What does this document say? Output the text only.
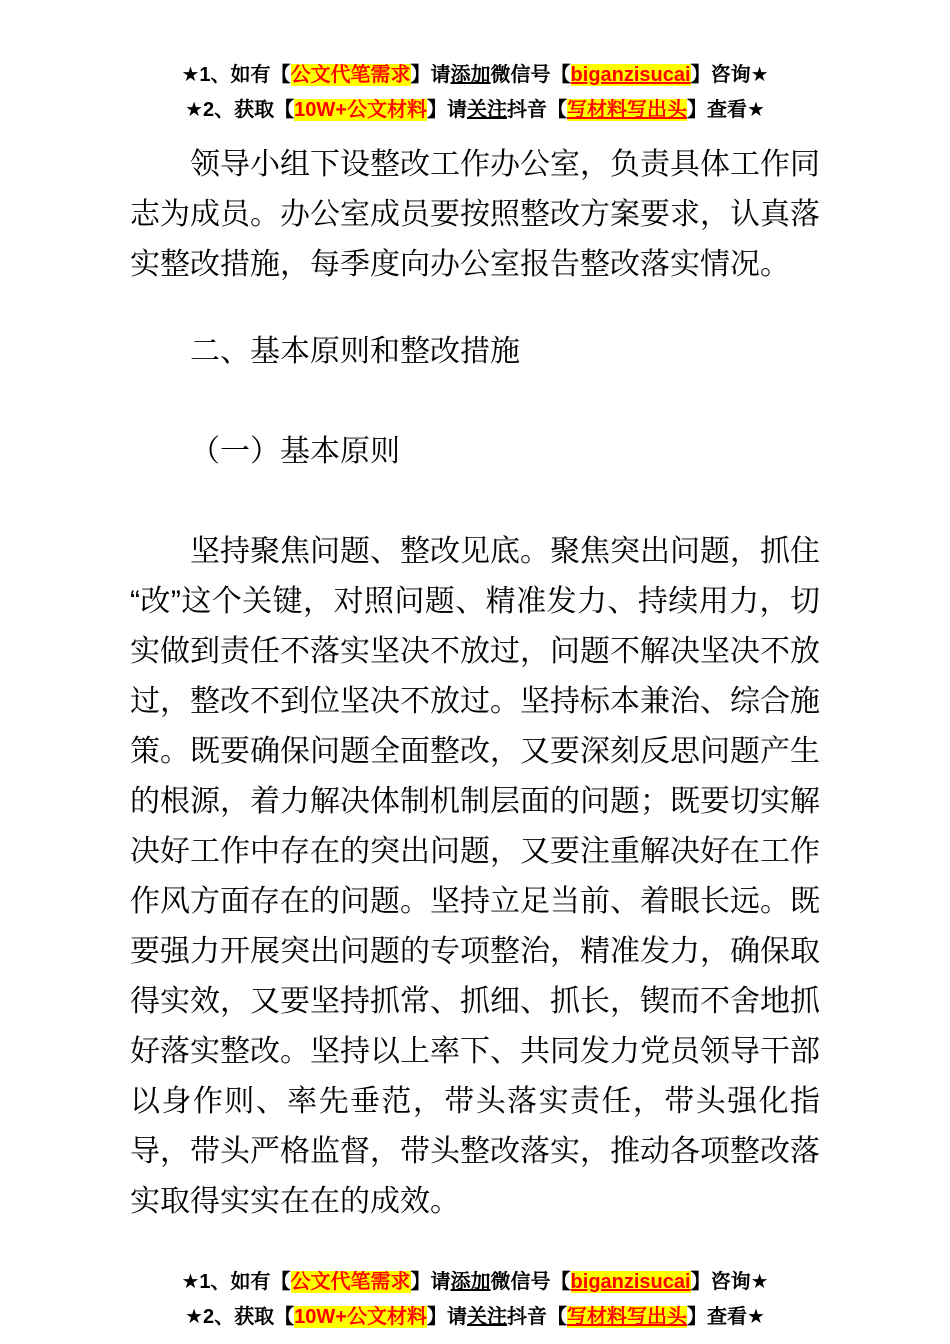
★1、如有【公文代笔需求】请添加微信号【biganzisucai】咨询★
★2、获取【10W+公文材料】请关注抖音【写材料写出头】查看★

领导小组下设整改工作办公室，负责具体工作同志为成员。办公室成员要按照整改方案要求，认真落实整改措施，每季度向办公室报告整改落实情况。

二、基本原则和整改措施
（一）基本原则

坚持聚焦问题、整改见底。聚焦突出问题，抓住“改”这个关键，对照问题、精准发力、持续用力，切实做到责任不落实坚决不放过，问题不解决坚决不放过，整改不到位坚决不放过。坚持标本兼治、综合施策。既要确保问题全面整改，又要深刻反思问题产生的根源，着力解决体制机制层面的问题；既要切实解决好工作中存在的突出问题，又要注重解决好在工作作风方面存在的问题。坚持立足当前、着眼长远。既要强力开展突出问题的专项整治，精准发力，确保取得实效，又要坚持抓常、抓细、抓长，锲而不舍地抓好落实整改。坚持以上率下、共同发力党员领导干部以身作则、率先垂范，带头落实责任，带头强化指导，带头严格监督，带头整改落实，推动各项整改落实取得实实在在的成效。

★1、如有【公文代笔需求】请添加微信号【biganzisucai】咨询★
★2、获取【10W+公文材料】请关注抖音【写材料写出头】查看★
